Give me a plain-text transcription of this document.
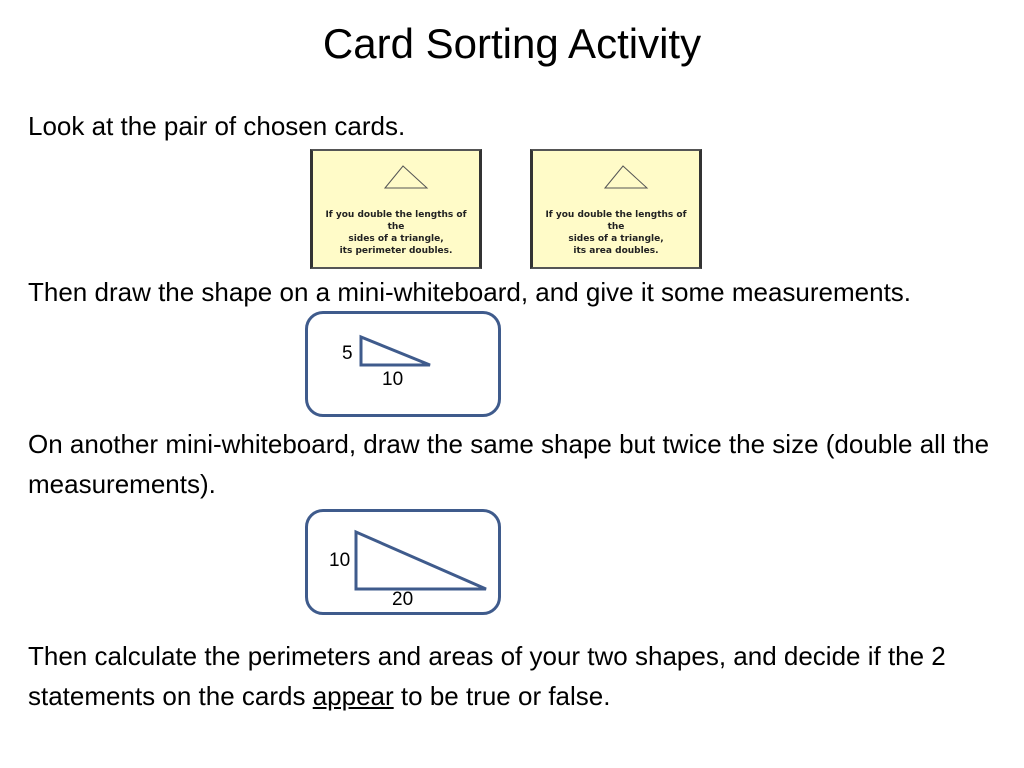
Card Sorting Activity

Look at the pair of chosen cards.

If you double the lengths of the
sides of a triangle,
its perimeter doubles.
If you double the lengths of the
sides of a triangle,
its area doubles.

Then draw the shape on a mini-whiteboard, and give it some measurements.

5
10

On another mini-whiteboard, draw the same shape but twice the size (double all the measurements).

10
20

Then calculate the perimeters and areas of your two shapes, and decide if the 2 statements on the cards appear to be true or false.
